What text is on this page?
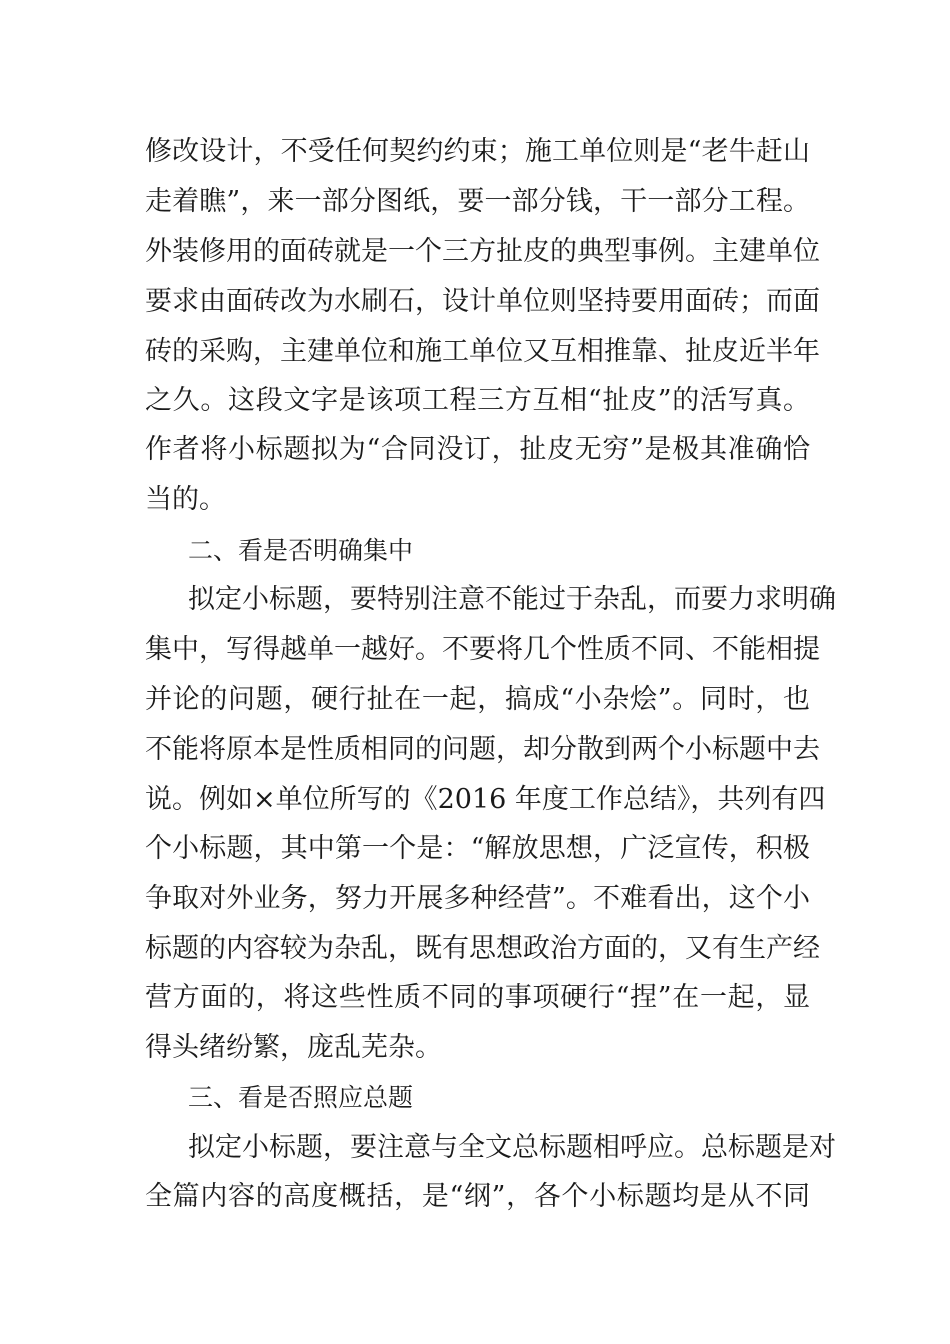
修改设计，不受任何契约约束；施工单位则是“老牛赶山
走着瞧”，来一部分图纸，要一部分钱，干一部分工程。
外装修用的面砖就是一个三方扯皮的典型事例。主建单位
要求由面砖改为水刷石，设计单位则坚持要用面砖；而面
砖的采购，主建单位和施工单位又互相推靠、扯皮近半年
之久。这段文字是该项工程三方互相“扯皮”的活写真。
作者将小标题拟为“合同没订，扯皮无穷”是极其准确恰
当的。
二、看是否明确集中
拟定小标题，要特别注意不能过于杂乱，而要力求明确
集中，写得越单一越好。不要将几个性质不同、不能相提
并论的问题，硬行扯在一起，搞成“小杂烩”。同时，也
不能将原本是性质相同的问题，却分散到两个小标题中去
说。例如×单位所写的《2016 年度工作总结》，共列有四
个小标题，其中第一个是：“解放思想，广泛宣传，积极
争取对外业务，努力开展多种经营”。不难看出，这个小
标题的内容较为杂乱，既有思想政治方面的，又有生产经
营方面的，将这些性质不同的事项硬行“捏”在一起，显
得头绪纷繁，庞乱芜杂。
三、看是否照应总题
拟定小标题，要注意与全文总标题相呼应。总标题是对
全篇内容的高度概括，是“纲”，各个小标题均是从不同
